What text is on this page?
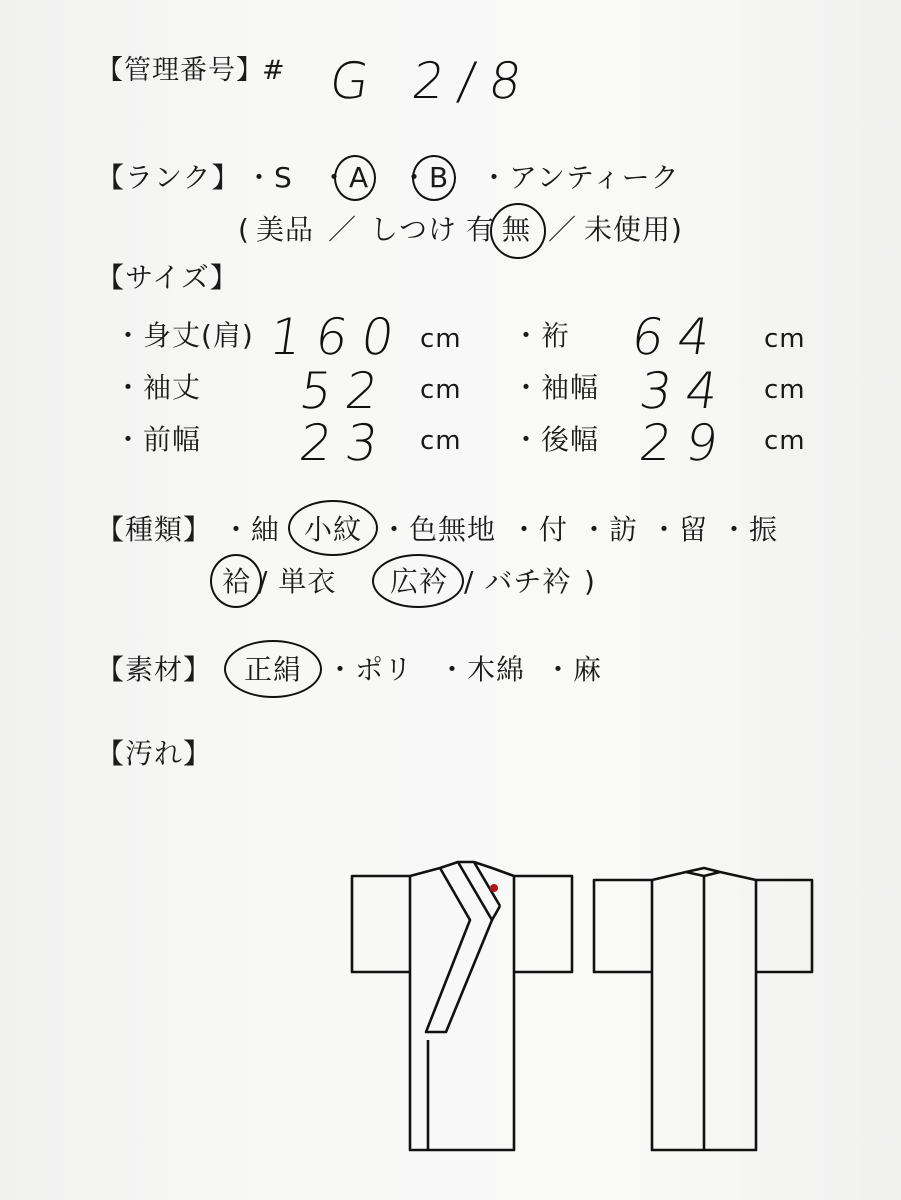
【管理番号】
# G 2/8
【ランク】 ・S ・A ・B ・アンティーク
( 美品 ／ しつけ 有 無 ／ 未使用)
【サイズ】
・身丈(肩) 160 cm ・裄 64 cm
・袖丈 52 cm ・袖幅 34 cm
・前幅 23 cm ・後幅 29 cm
【種類】 ・紬 小紋 ・色無地 ・付 ・訪 ・留 ・振
袷 / 単衣 広衿 / バチ衿 )
【素材】 正絹 ・ポリ ・木綿 ・麻
【汚れ】
